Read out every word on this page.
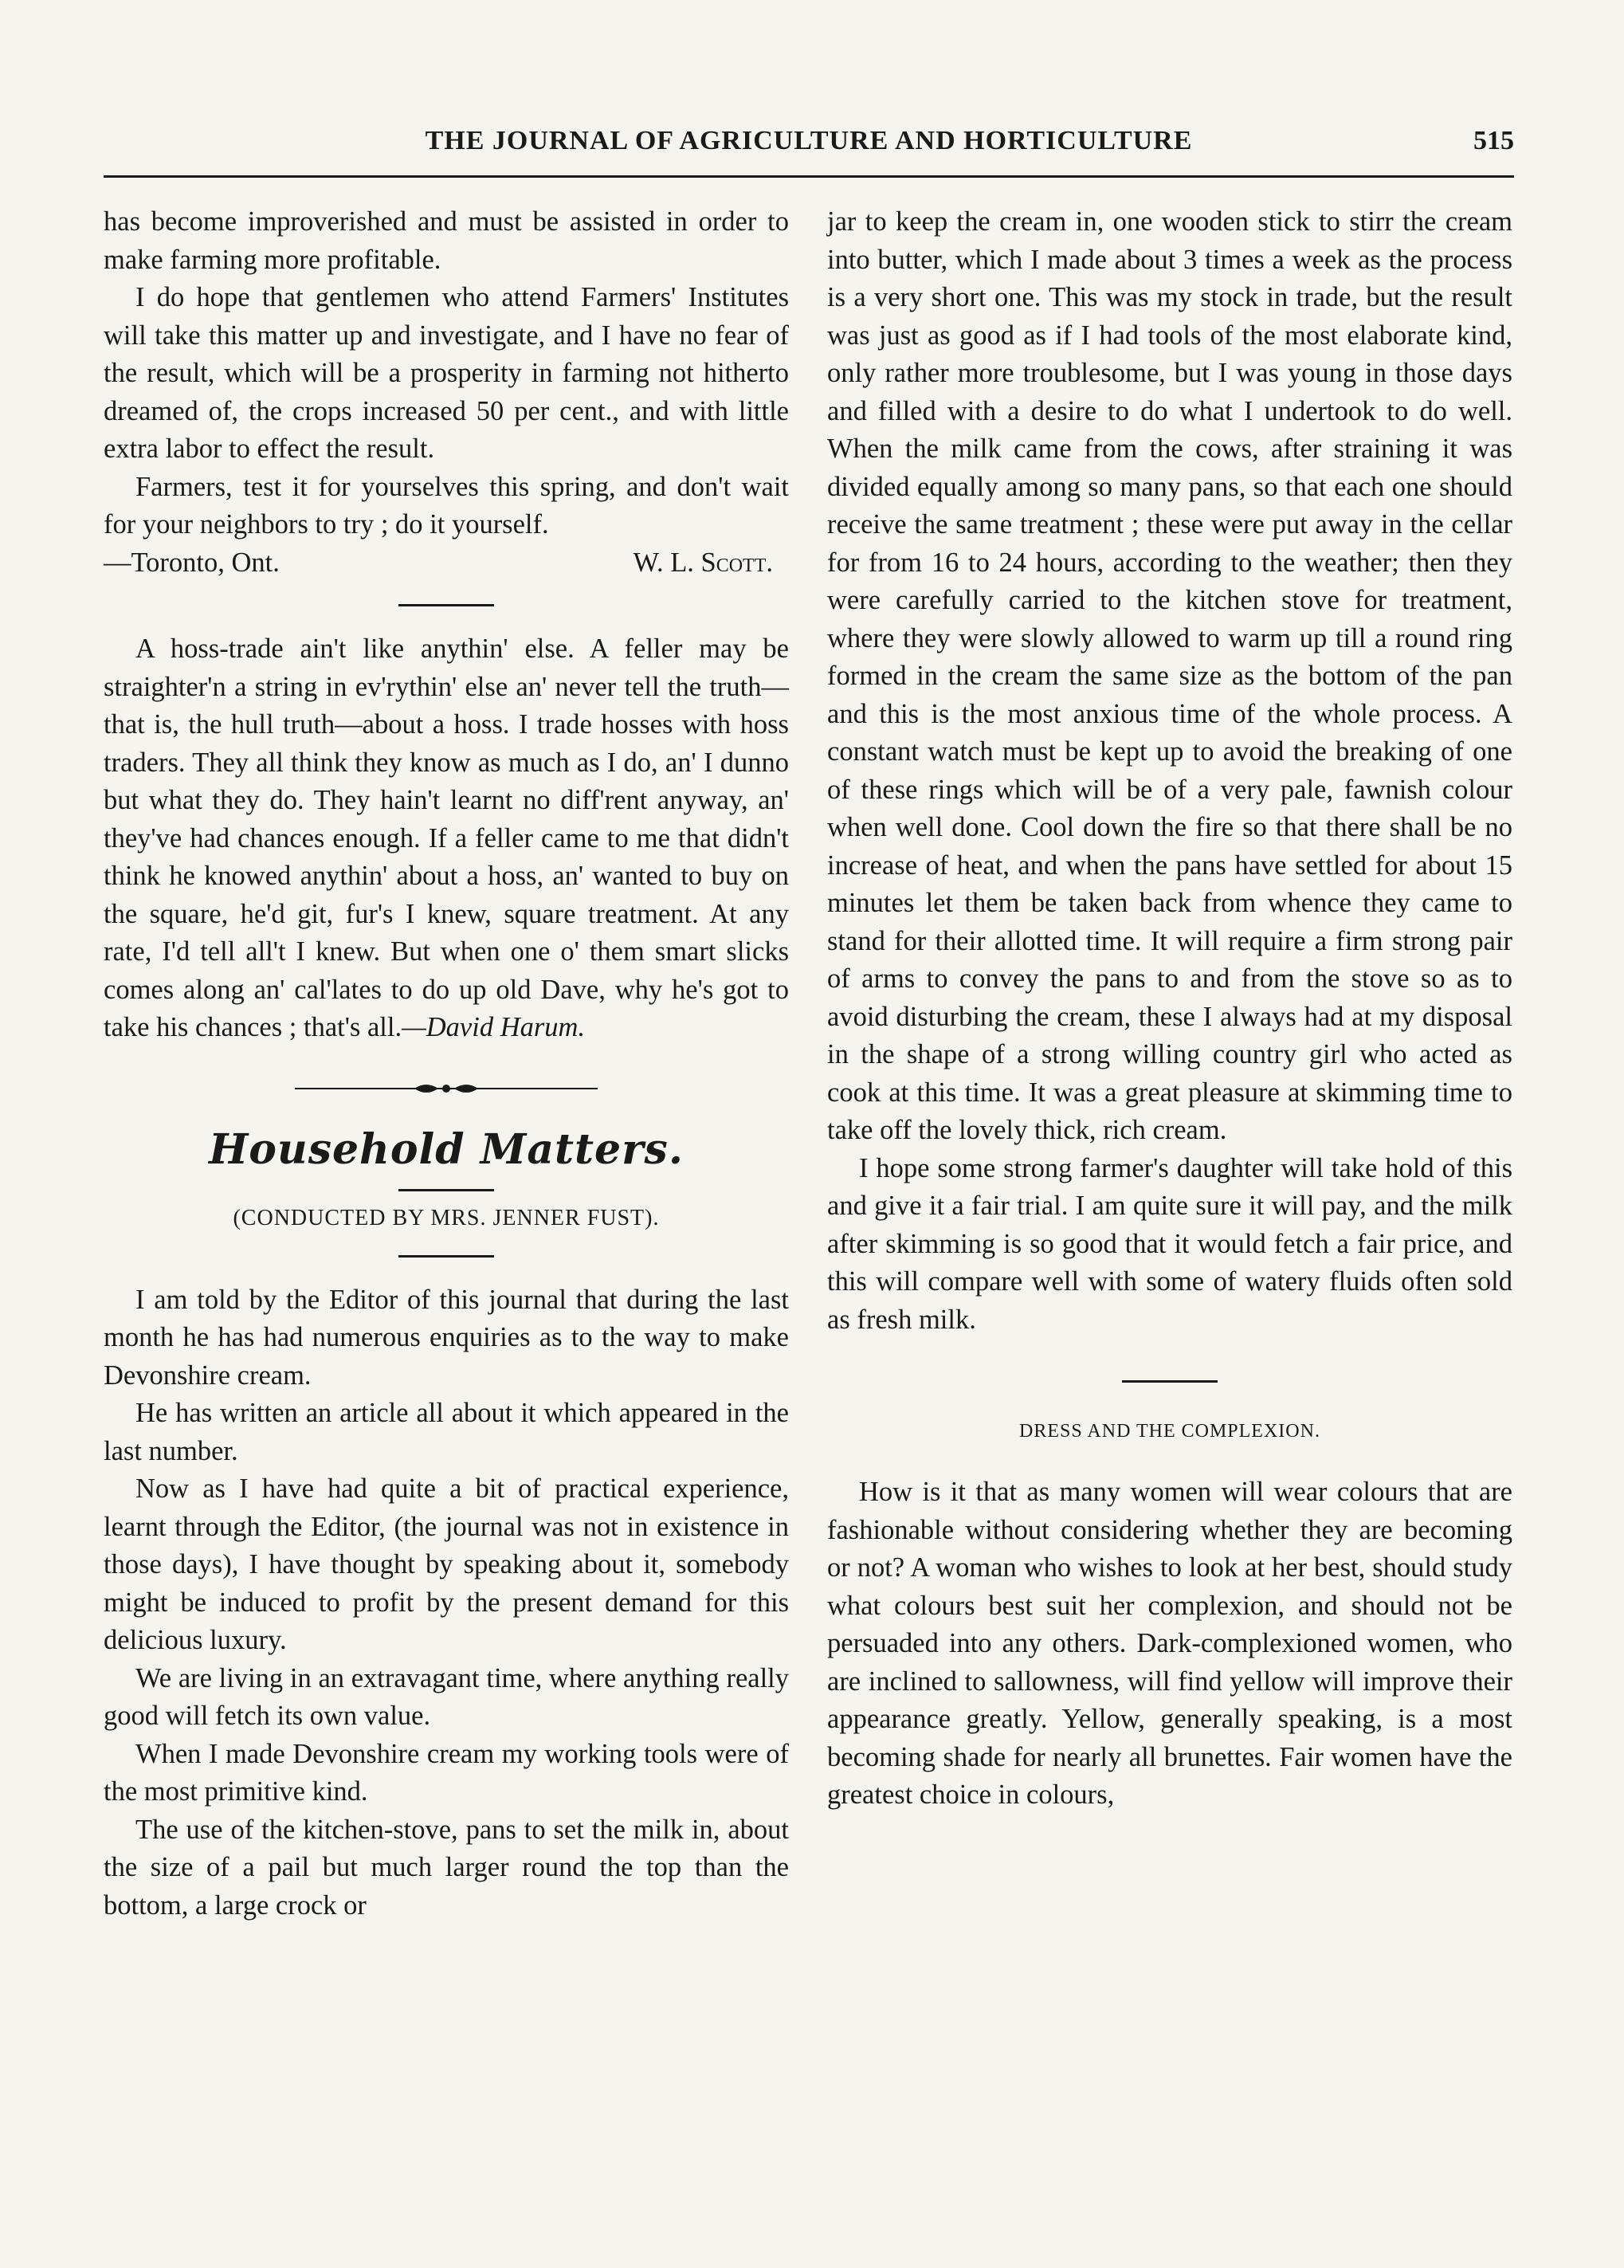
THE JOURNAL OF AGRICULTURE AND HORTICULTURE	515

has become improverished and must be assisted in order to make farming more profitable.

I do hope that gentlemen who attend Farmers' Institutes will take this matter up and investigate, and I have no fear of the result, which will be a prosperity in farming not hitherto dreamed of, the crops increased 50 per cent., and with little extra labor to effect the result.

Farmers, test it for yourselves this spring, and don't wait for your neighbors to try ; do it yourself.

—Toronto, Ont.	W. L. Scott.

A hoss-trade ain't like anythin' else. A feller may be straighter'n a string in ev'rythin' else an' never tell the truth—that is, the hull truth—about a hoss. I trade hosses with hoss traders. They all think they know as much as I do, an' I dunno but what they do. They hain't learnt no diff'rent anyway, an' they've had chances enough. If a feller came to me that didn't think he knowed anythin' about a hoss, an' wanted to buy on the square, he'd git, fur's I knew, square treatment. At any rate, I'd tell all't I knew. But when one o' them smart slicks comes along an' cal'lates to do up old Dave, why he's got to take his chances ; that's all.—David Harum.

Household Matters.
(CONDUCTED BY MRS. JENNER FUST).

I am told by the Editor of this journal that during the last month he has had numerous enquiries as to the way to make Devonshire cream.

He has written an article all about it which appeared in the last number.

Now as I have had quite a bit of practical experience, learnt through the Editor, (the journal was not in existence in those days), I have thought by speaking about it, somebody might be induced to profit by the present demand for this delicious luxury.

We are living in an extravagant time, where anything really good will fetch its own value.

When I made Devonshire cream my working tools were of the most primitive kind.

The use of the kitchen-stove, pans to set the milk in, about the size of a pail but much larger round the top than the bottom, a large crock or

jar to keep the cream in, one wooden stick to stirr the cream into butter, which I made about 3 times a week as the process is a very short one. This was my stock in trade, but the result was just as good as if I had tools of the most elaborate kind, only rather more troublesome, but I was young in those days and filled with a desire to do what I undertook to do well. When the milk came from the cows, after straining it was divided equally among so many pans, so that each one should receive the same treatment ; these were put away in the cellar for from 16 to 24 hours, according to the weather; then they were carefully carried to the kitchen stove for treatment, where they were slowly allowed to warm up till a round ring formed in the cream the same size as the bottom of the pan and this is the most anxious time of the whole process. A constant watch must be kept up to avoid the breaking of one of these rings which will be of a very pale, fawnish colour when well done. Cool down the fire so that there shall be no increase of heat, and when the pans have settled for about 15 minutes let them be taken back from whence they came to stand for their allotted time. It will require a firm strong pair of arms to convey the pans to and from the stove so as to avoid disturbing the cream, these I always had at my disposal in the shape of a strong willing country girl who acted as cook at this time. It was a great pleasure at skimming time to take off the lovely thick, rich cream.

I hope some strong farmer's daughter will take hold of this and give it a fair trial. I am quite sure it will pay, and the milk after skimming is so good that it would fetch a fair price, and this will compare well with some of watery fluids often sold as fresh milk.

DRESS AND THE COMPLEXION.

How is it that as many women will wear colours that are fashionable without considering whether they are becoming or not? A woman who wishes to look at her best, should study what colours best suit her complexion, and should not be persuaded into any others. Dark-complexioned women, who are inclined to sallowness, will find yellow will improve their appearance greatly. Yellow, generally speaking, is a most becoming shade for nearly all brunettes. Fair women have the greatest choice in colours,
